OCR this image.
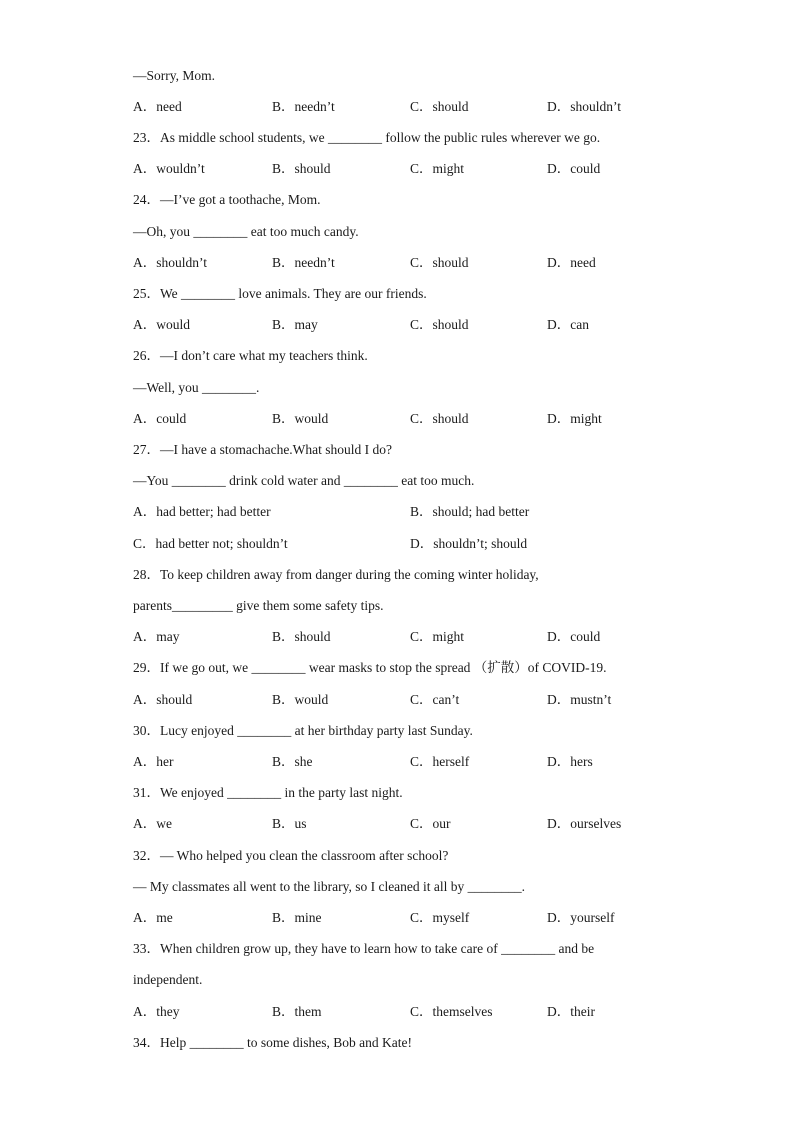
—Sorry, Mom.
A．need	B．needn’t	C．should	D．shouldn’t
23．As middle school students, we ________ follow the public rules wherever we go.
A．wouldn’t	B．should	C．might	D．could
24．—I’ve got a toothache, Mom.
—Oh, you ________ eat too much candy.
A．shouldn’t	B．needn’t	C．should	D．need
25．We ________ love animals. They are our friends.
A．would	B．may	C．should	D．can
26．—I don’t care what my teachers think.
—Well, you ________.
A．could	B．would	C．should	D．might
27．—I have a stomachache.What should I do?
—You ________ drink cold water and ________ eat too much.
A．had better; had better	B．should; had better
C．had better not; shouldn’t	D．shouldn’t; should
28．To keep children away from danger during the coming winter holiday,
parents_________ give them some safety tips.
A．may	B．should	C．might	D．could
29．If we go out, we ________ wear masks to stop the spread （扩散）of COVID-19.
A．should	B．would	C．can’t	D．mustn’t
30．Lucy enjoyed ________ at her birthday party last Sunday.
A．her	B．she	C．herself	D．hers
31．We enjoyed ________ in the party last night.
A．we	B．us	C．our	D．ourselves
32．— Who helped you clean the classroom after school?
— My classmates all went to the library, so I cleaned it all by ________.
A．me	B．mine	C．myself	D．yourself
33．When children grow up, they have to learn how to take care of ________ and be
independent.
A．they	B．them	C．themselves	D．their
34．Help ________ to some dishes, Bob and Kate!
